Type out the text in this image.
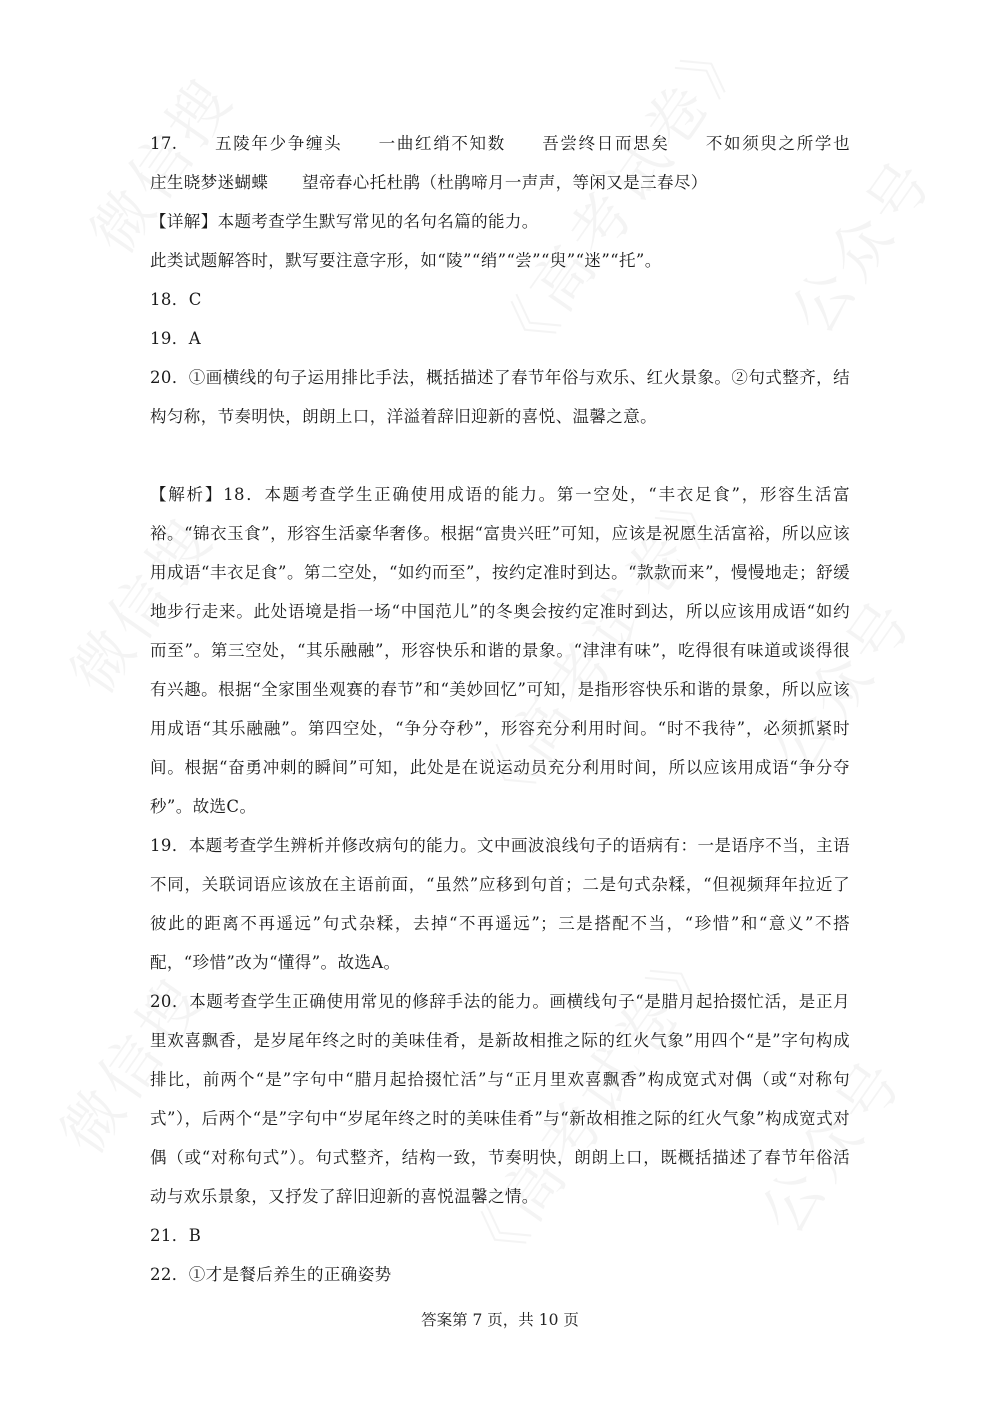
17.　　五陵年少争缠头　　一曲红绡不知数　　吾尝终日而思矣　　不如须臾之所学也　　庄生晓梦迷蝴蝶　　望帝春心托杜鹃（杜鹃啼月一声声，等闲又是三春尽）

【详解】本题考查学生默写常见的名句名篇的能力。

此类试题解答时，默写要注意字形，如“陵”“绡”“尝”“臾”“迷”“托”。

18．C

19．A

20．①画横线的句子运用排比手法，概括描述了春节年俗与欢乐、红火景象。②句式整齐，结构匀称，节奏明快，朗朗上口，洋溢着辞旧迎新的喜悦、温馨之意。

【解析】18．本题考查学生正确使用成语的能力。第一空处，“丰衣足食”，形容生活富裕。“锦衣玉食”，形容生活豪华奢侈。根据“富贵兴旺”可知，应该是祝愿生活富裕，所以应该用成语“丰衣足食”。第二空处，“如约而至”，按约定准时到达。“款款而来”，慢慢地走；舒缓地步行走来。此处语境是指一场“中国范儿”的冬奥会按约定准时到达，所以应该用成语“如约而至”。第三空处，“其乐融融”，形容快乐和谐的景象。“津津有味”，吃得很有味道或谈得很有兴趣。根据“全家围坐观赛的春节”和“美妙回忆”可知，是指形容快乐和谐的景象，所以应该用成语“其乐融融”。第四空处，“争分夺秒”，形容充分利用时间。“时不我待”，必须抓紧时间。根据“奋勇冲刺的瞬间”可知，此处是在说运动员充分利用时间，所以应该用成语“争分夺秒”。故选C。

19．本题考查学生辨析并修改病句的能力。文中画波浪线句子的语病有：一是语序不当，主语不同，关联词语应该放在主语前面，“虽然”应移到句首；二是句式杂糅，“但视频拜年拉近了彼此的距离不再遥远”句式杂糅，去掉“不再遥远”；三是搭配不当，“珍惜”和“意义”不搭配，“珍惜”改为“懂得”。故选A。

20．本题考查学生正确使用常见的修辞手法的能力。画横线句子“是腊月起拾掇忙活，是正月里欢喜飘香，是岁尾年终之时的美味佳肴，是新故相推之际的红火气象”用四个“是”字句构成排比，前两个“是”字句中“腊月起拾掇忙活”与“正月里欢喜飘香”构成宽式对偶（或“对称句式”），后两个“是”字句中“岁尾年终之时的美味佳肴”与“新故相推之际的红火气象”构成宽式对偶（或“对称句式”）。句式整齐，结构一致，节奏明快，朗朗上口，既概括描述了春节年俗活动与欢乐景象，又抒发了辞旧迎新的喜悦温馨之情。

21．B

22．①才是餐后养生的正确姿势

答案第 7 页，共 10 页
